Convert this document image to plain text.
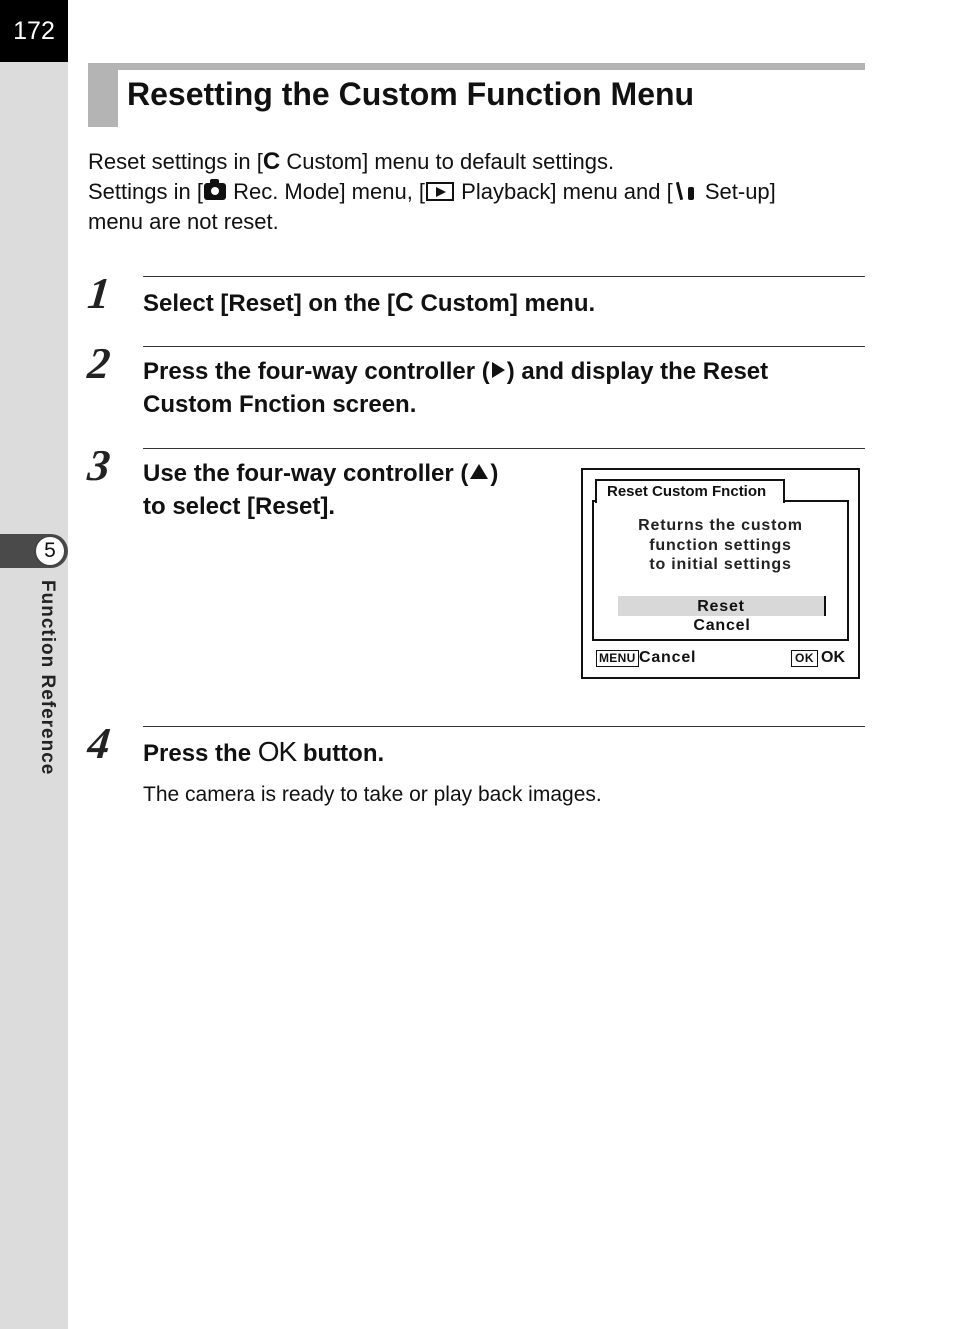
172
5
Function Reference
Resetting the Custom Function Menu
Reset settings in [C Custom] menu to default settings.
Settings in [ Rec. Mode] menu, [ Playback] menu and [ Set-up]
menu are not reset.
1 Select [Reset] on the [C Custom] menu.
2 Press the four-way controller ( ) and display the Reset
Custom Fnction screen.
3 Use the four-way controller ( )
to select [Reset].
Reset Custom Fnction
Returns the custom
function settings
to initial settings
Reset
Cancel
MENU Cancel	OK OK
4 Press the OK button.
The camera is ready to take or play back images.
